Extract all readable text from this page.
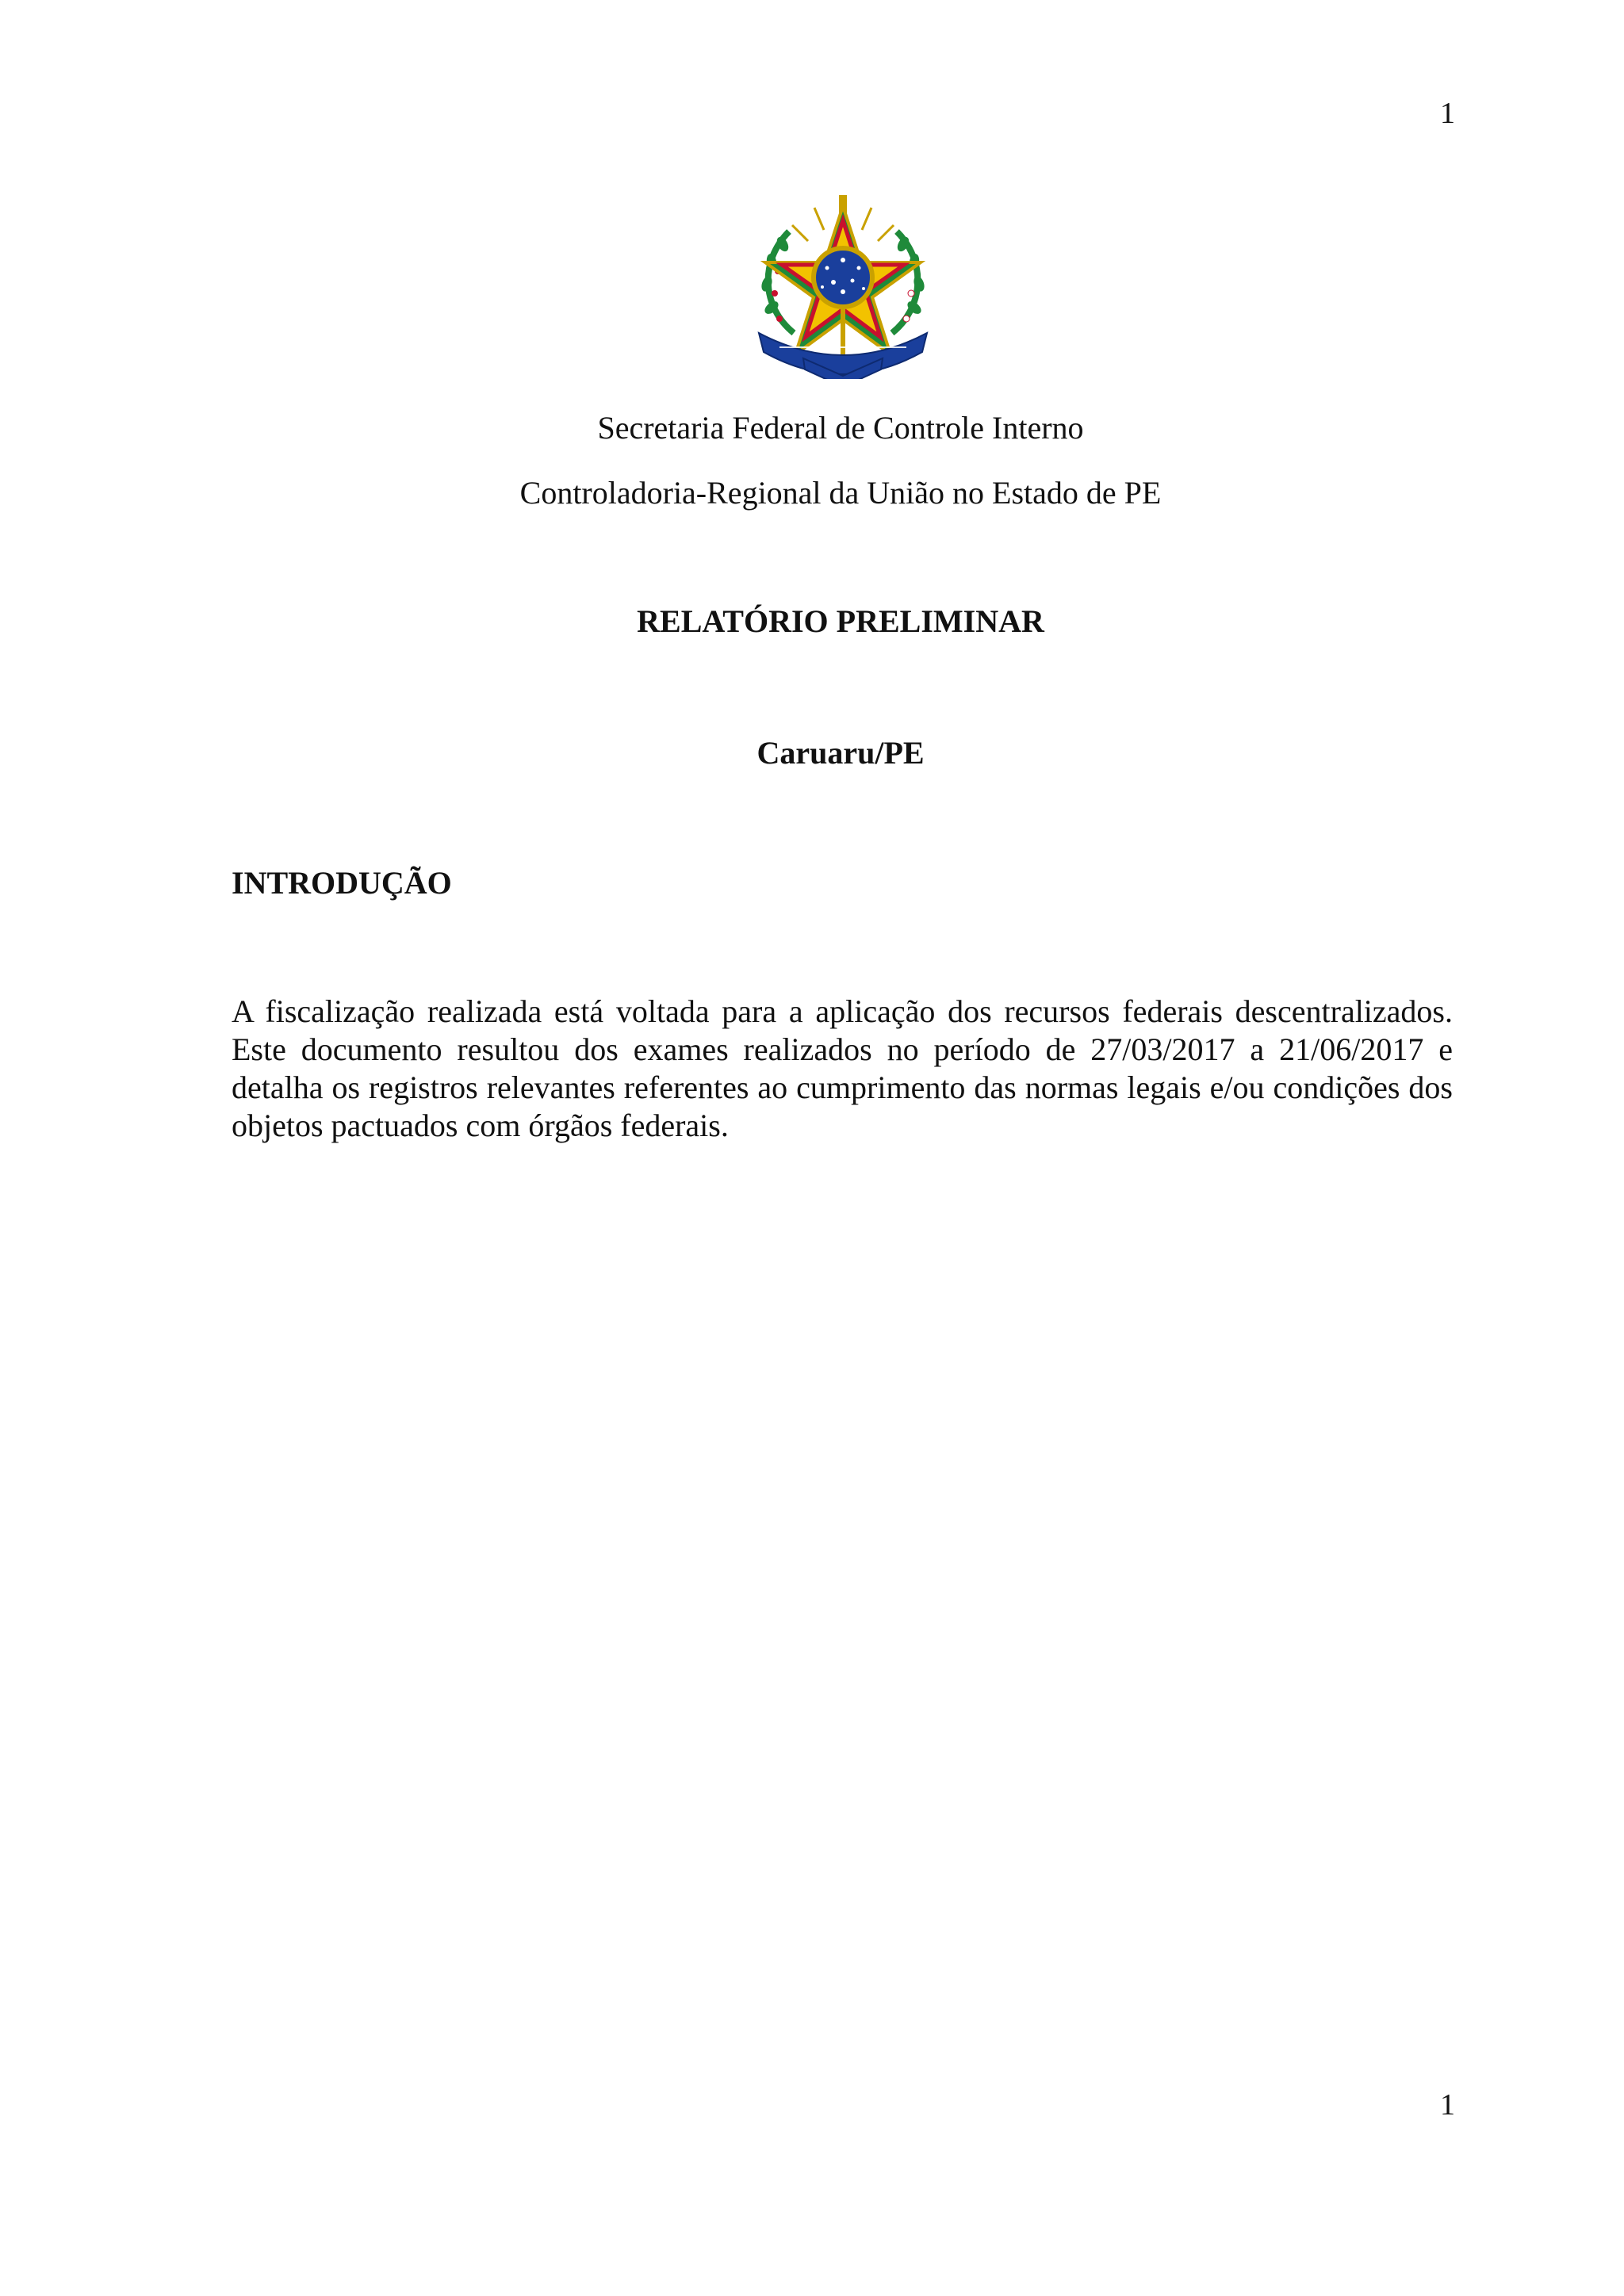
1
Secretaria Federal de Controle Interno
Controladoria-Regional da União no Estado de PE
RELATÓRIO PRELIMINAR
Caruaru/PE
INTRODUÇÃO

A fiscalização realizada está voltada para a aplicação dos recursos federais descentralizados. Este documento resultou dos exames realizados no período de 27/03/2017 a 21/06/2017 e detalha os registros relevantes referentes ao cumprimento das normas legais e/ou condições dos objetos pactuados com órgãos federais.

1
